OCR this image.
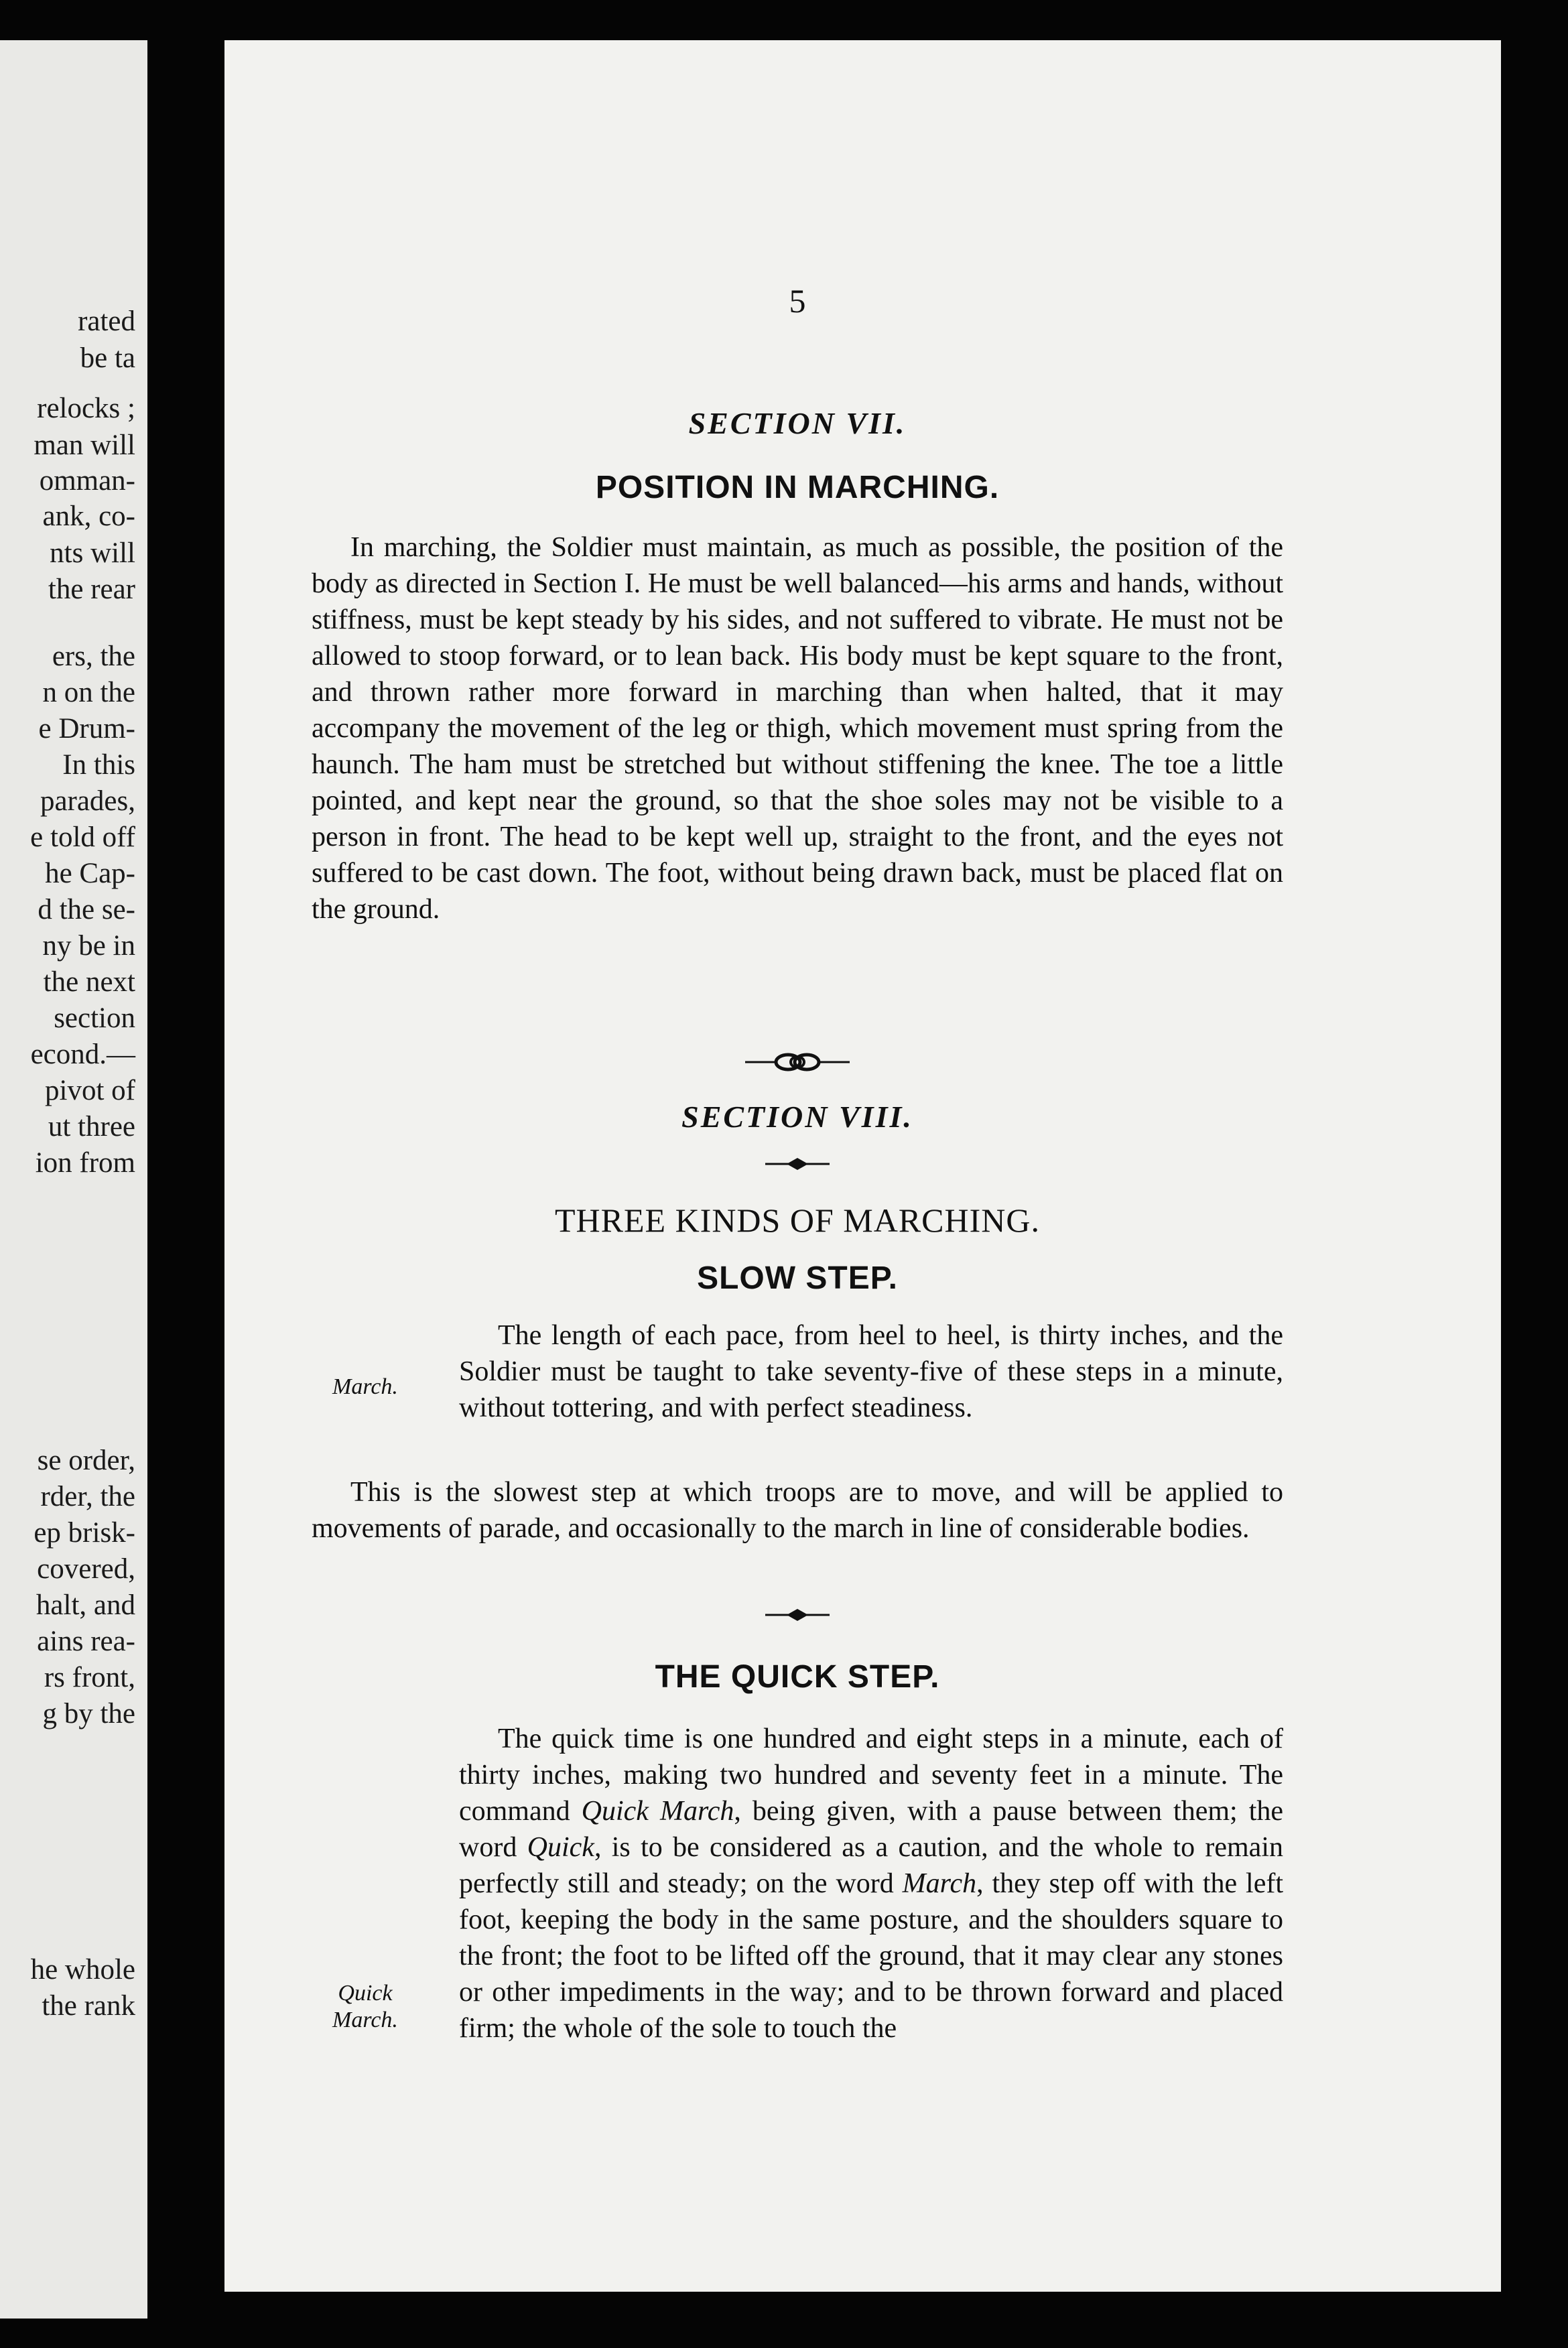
rated
be ta
relocks ;
man will
omman-
ank, co-
nts will
the rear
ers, the
n on the
e Drum-
In this
parades,
e told off
he Cap-
d the se-
ny be in
the next
section
econd.—
pivot of
ut three
ion from
se order,
rder, the
ep brisk-
covered,
halt, and
ains rea-
rs front,
g by the
he whole
the rank
5
SECTION VII.
POSITION IN MARCHING.
In marching, the Soldier must maintain, as much as possible, the position of the body as directed in Section I. He must be well balanced—his arms and hands, without stiffness, must be kept steady by his sides, and not suffered to vibrate. He must not be allowed to stoop forward, or to lean back. His body must be kept square to the front, and thrown rather more forward in marching than when halted, that it may accompany the movement of the leg or thigh, which movement must spring from the haunch. The ham must be stretched but without stiffening the knee. The toe a little pointed, and kept near the ground, so that the shoe soles may not be visible to a person in front. The head to be kept well up, straight to the front, and the eyes not suffered to be cast down. The foot, without being drawn back, must be placed flat on the ground.
SECTION VIII.
THREE KINDS OF MARCHING.
SLOW STEP.
March.
The length of each pace, from heel to heel, is thirty inches, and the Soldier must be taught to take seventy-five of these steps in a minute, without tottering, and with perfect steadiness.
This is the slowest step at which troops are to move, and will be applied to movements of parade, and occasionally to the march in line of considerable bodies.
THE QUICK STEP.
Quick
March.
The quick time is one hundred and eight steps in a minute, each of thirty inches, making two hundred and seventy feet in a minute. The command Quick March, being given, with a pause between them; the word Quick, is to be considered as a caution, and the whole to remain perfectly still and steady; on the word March, they step off with the left foot, keeping the body in the same posture, and the shoulders square to the front; the foot to be lifted off the ground, that it may clear any stones or other impediments in the way; and to be thrown forward and placed firm; the whole of the sole to touch the
